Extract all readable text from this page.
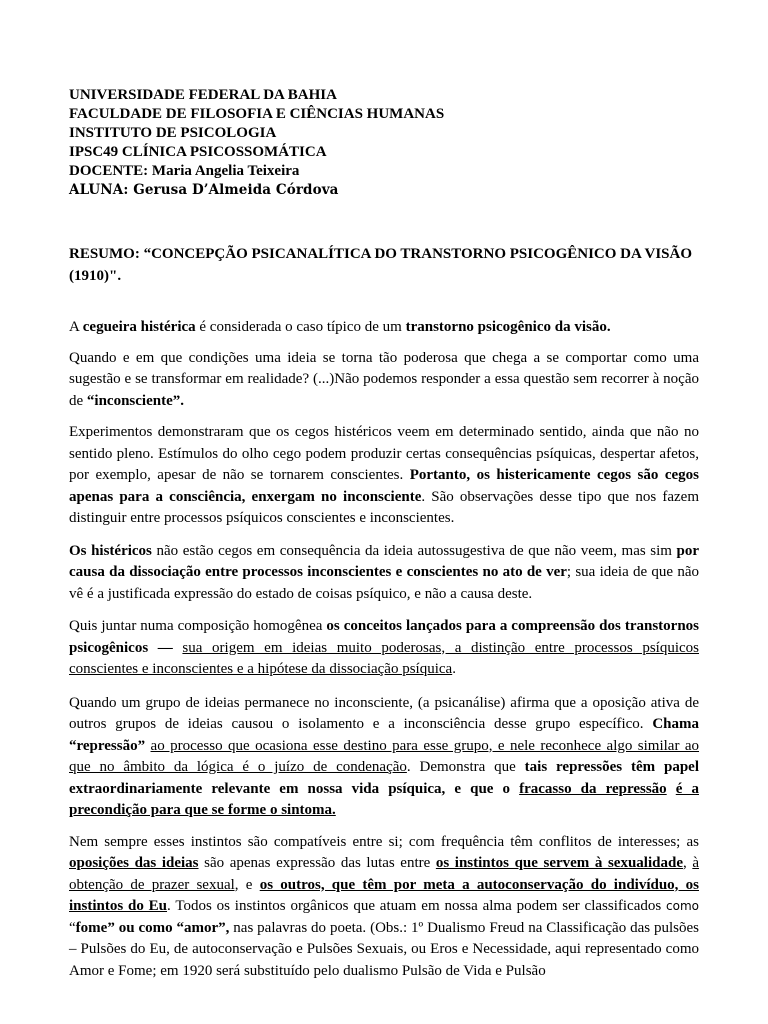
UNIVERSIDADE FEDERAL DA BAHIA
FACULDADE DE FILOSOFIA E CIÊNCIAS HUMANAS
INSTITUTO DE PSICOLOGIA
IPSC49 CLÍNICA PSICOSSOMÁTICA
DOCENTE: Maria Angelia Teixeira
ALUNA: Gerusa D’Almeida Córdova
RESUMO: “CONCEPÇÃO PSICANALÍTICA DO TRANSTORNO PSICOGÊNICO DA VISÃO (1910)".

A cegueira histérica é considerada o caso típico de um transtorno psicogênico da visão.

Quando e em que condições uma ideia se torna tão poderosa que chega a se comportar como uma sugestão e se transformar em realidade? (...)Não podemos responder a essa questão sem recorrer à noção de “inconsciente”.

Experimentos demonstraram que os cegos histéricos veem em determinado sentido, ainda que não no sentido pleno. Estímulos do olho cego podem produzir certas consequências psíquicas, despertar afetos, por exemplo, apesar de não se tornarem conscientes. Portanto, os histericamente cegos são cegos apenas para a consciência, enxergam no inconsciente. São observações desse tipo que nos fazem distinguir entre processos psíquicos conscientes e inconscientes.

Os histéricos não estão cegos em consequência da ideia autossugestiva de que não veem, mas sim por causa da dissociação entre processos inconscientes e conscientes no ato de ver; sua ideia de que não vê é a justificada expressão do estado de coisas psíquico, e não a causa deste.

Quis juntar numa composição homogênea os conceitos lançados para a compreensão dos transtornos psicogênicos — sua origem em ideias muito poderosas, a distinção entre processos psíquicos conscientes e inconscientes e a hipótese da dissociação psíquica.

Quando um grupo de ideias permanece no inconsciente, (a psicanálise) afirma que a oposição ativa de outros grupos de ideias causou o isolamento e a inconsciência desse grupo específico. Chama “repressão” ao processo que ocasiona esse destino para esse grupo, e nele reconhece algo similar ao que no âmbito da lógica é o juízo de condenação. Demonstra que tais repressões têm papel extraordinariamente relevante em nossa vida psíquica, e que o fracasso da repressão é a precondição para que se forme o sintoma.

Nem sempre esses instintos são compatíveis entre si; com frequência têm conflitos de interesses; as oposições das ideias são apenas expressão das lutas entre os instintos que servem à sexualidade, à obtenção de prazer sexual, e os outros, que têm por meta a autoconservação do indivíduo, os instintos do Eu. Todos os instintos orgânicos que atuam em nossa alma podem ser classificados como “fome” ou como “amor”, nas palavras do poeta. (Obs.: 1º Dualismo Freud na Classificação das pulsões – Pulsões do Eu, de autoconservação e Pulsões Sexuais, ou Eros e Necessidade, aqui representado como Amor e Fome; em 1920 será substituído pelo dualismo Pulsão de Vida e Pulsão
